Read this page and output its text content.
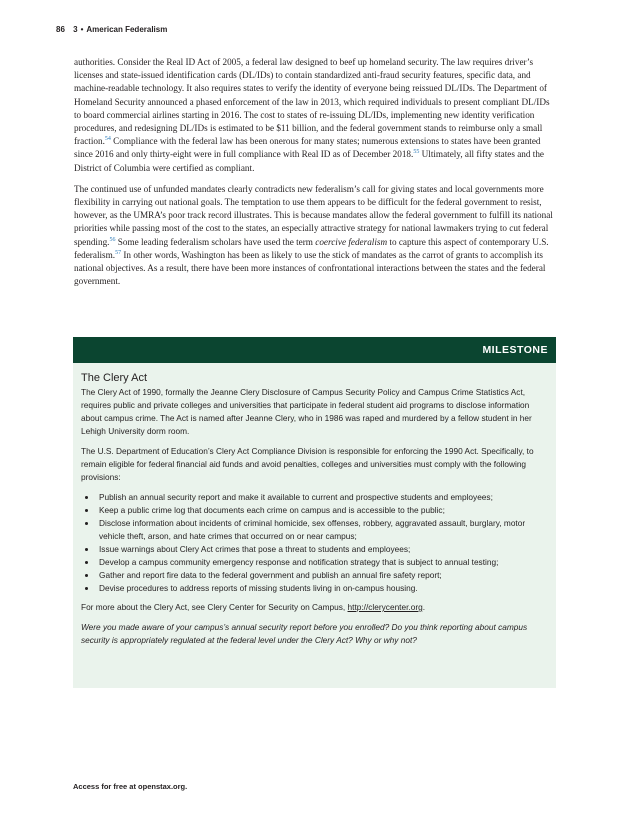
86 3 • American Federalism

authorities. Consider the Real ID Act of 2005, a federal law designed to beef up homeland security. The law requires driver’s licenses and state-issued identification cards (DL/IDs) to contain standardized anti-fraud security features, specific data, and machine-readable technology. It also requires states to verify the identity of everyone being reissued DL/IDs. The Department of Homeland Security announced a phased enforcement of the law in 2013, which required individuals to present compliant DL/IDs to board commercial airlines starting in 2016. The cost to states of re-issuing DL/IDs, implementing new identity verification procedures, and redesigning DL/IDs is estimated to be $11 billion, and the federal government stands to reimburse only a small fraction.$^{54}$ Compliance with the federal law has been onerous for many states; numerous extensions to states have been granted since 2016 and only thirty-eight were in full compliance with Real ID as of December 2018.55 Ultimately, all fifty states and the District of Columbia were certified as compliant.

The continued use of unfunded mandates clearly contradicts new federalism’s call for giving states and local governments more flexibility in carrying out national goals. The temptation to use them appears to be difficult for the federal government to resist, however, as the UMRA’s poor track record illustrates. This is because mandates allow the federal government to fulfill its national priorities while passing most of the cost to the states, an especially attractive strategy for national lawmakers trying to cut federal spending.$^{56}$ Some leading federalism scholars have used the term coercive federalism to capture this aspect of contemporary U.S. federalism.$^{57}$ In other words, Washington has been as likely to use the stick of mandates as the carrot of grants to accomplish its national objectives. As a result, there have been more instances of confrontational interactions between the states and the federal government.

MILESTONE
The Clery Act

The Clery Act of 1990, formally the Jeanne Clery Disclosure of Campus Security Policy and Campus Crime Statistics Act, requires public and private colleges and universities that participate in federal student aid programs to disclose information about campus crime. The Act is named after Jeanne Clery, who in 1986 was raped and murdered by a fellow student in her Lehigh University dorm room.

The U.S. Department of Education’s Clery Act Compliance Division is responsible for enforcing the 1990 Act. Specifically, to remain eligible for federal financial aid funds and avoid penalties, colleges and universities must comply with the following provisions:

• Publish an annual security report and make it available to current and prospective students and employees;
• Keep a public crime log that documents each crime on campus and is accessible to the public;
• Disclose information about incidents of criminal homicide, sex offenses, robbery, aggravated assault, burglary, motor vehicle theft, arson, and hate crimes that occurred on or near campus;
• Issue warnings about Clery Act crimes that pose a threat to students and employees;
• Develop a campus community emergency response and notification strategy that is subject to annual testing;
• Gather and report fire data to the federal government and publish an annual fire safety report;
• Devise procedures to address reports of missing students living in on-campus housing.

For more about the Clery Act, see Clery Center for Security on Campus, http://clerycenter.org.

Were you made aware of your campus’s annual security report before you enrolled? Do you think reporting about campus security is appropriately regulated at the federal level under the Clery Act? Why or why not?

Access for free at openstax.org.
